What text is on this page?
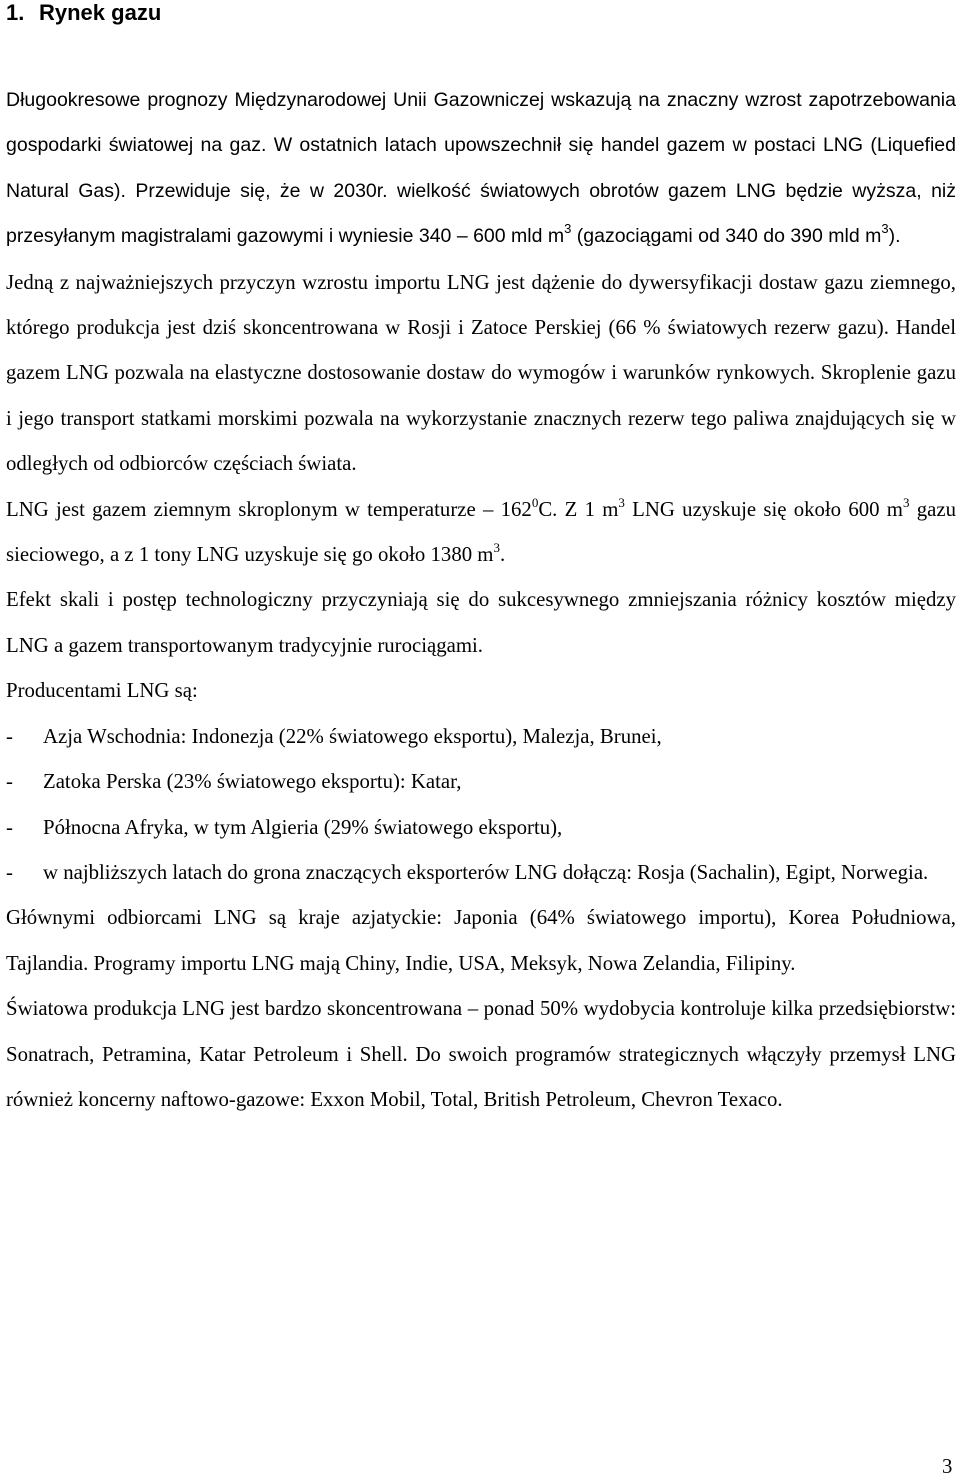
1. Rynek gazu

Długookresowe prognozy Międzynarodowej Unii Gazowniczej wskazują na znaczny wzrost zapotrzebowania gospodarki światowej na gaz. W ostatnich latach upowszechnił się handel gazem w postaci LNG (Liquefied Natural Gas). Przewiduje się, że w 2030r. wielkość światowych obrotów gazem LNG będzie wyższa, niż przesyłanym magistralami gazowymi i wyniesie 340 – 600 mld $m^3$ (gazociągami od 340 do 390 mld $m^3$).

Jedną z najważniejszych przyczyn wzrostu importu LNG jest dążenie do dywersyfikacji dostaw gazu ziemnego, którego produkcja jest dziś skoncentrowana w Rosji i Zatoce Perskiej (66 % światowych rezerw gazu). Handel gazem LNG pozwala na elastyczne dostosowanie dostaw do wymogów i warunków rynkowych. Skroplenie gazu i jego transport statkami morskimi pozwala na wykorzystanie znacznych rezerw tego paliwa znajdujących się w odległych od odbiorców częściach świata.

LNG jest gazem ziemnym skroplonym w temperaturze – $162^0C$. Z 1 $m^3$ LNG uzyskuje się około 600 $m^3$ gazu sieciowego, a z 1 tony LNG uzyskuje się go około 1380 $m^3$.

Efekt skali i postęp technologiczny przyczyniają się do sukcesywnego zmniejszania różnicy kosztów między LNG a gazem transportowanym tradycyjnie rurociągami.

Producentami LNG są:

- Azja Wschodnia: Indonezja (22% światowego eksportu), Malezja, Brunei,
- Zatoka Perska (23% światowego eksportu): Katar,
- Północna Afryka, w tym Algieria (29% światowego eksportu),
- w najbliższych latach do grona znaczących eksporterów LNG dołączą: Rosja (Sachalin), Egipt, Norwegia.

Głównymi odbiorcami LNG są kraje azjatyckie: Japonia (64% światowego importu), Korea Południowa, Tajlandia. Programy importu LNG mają Chiny, Indie, USA, Meksyk, Nowa Zelandia, Filipiny.

Światowa produkcja LNG jest bardzo skoncentrowana – ponad 50% wydobycia kontroluje kilka przedsiębiorstw: Sonatrach, Petramina, Katar Petroleum i Shell. Do swoich programów strategicznych włączyły przemysł LNG również koncerny naftowo-gazowe: Exxon Mobil, Total, British Petroleum, Chevron Texaco.

3
